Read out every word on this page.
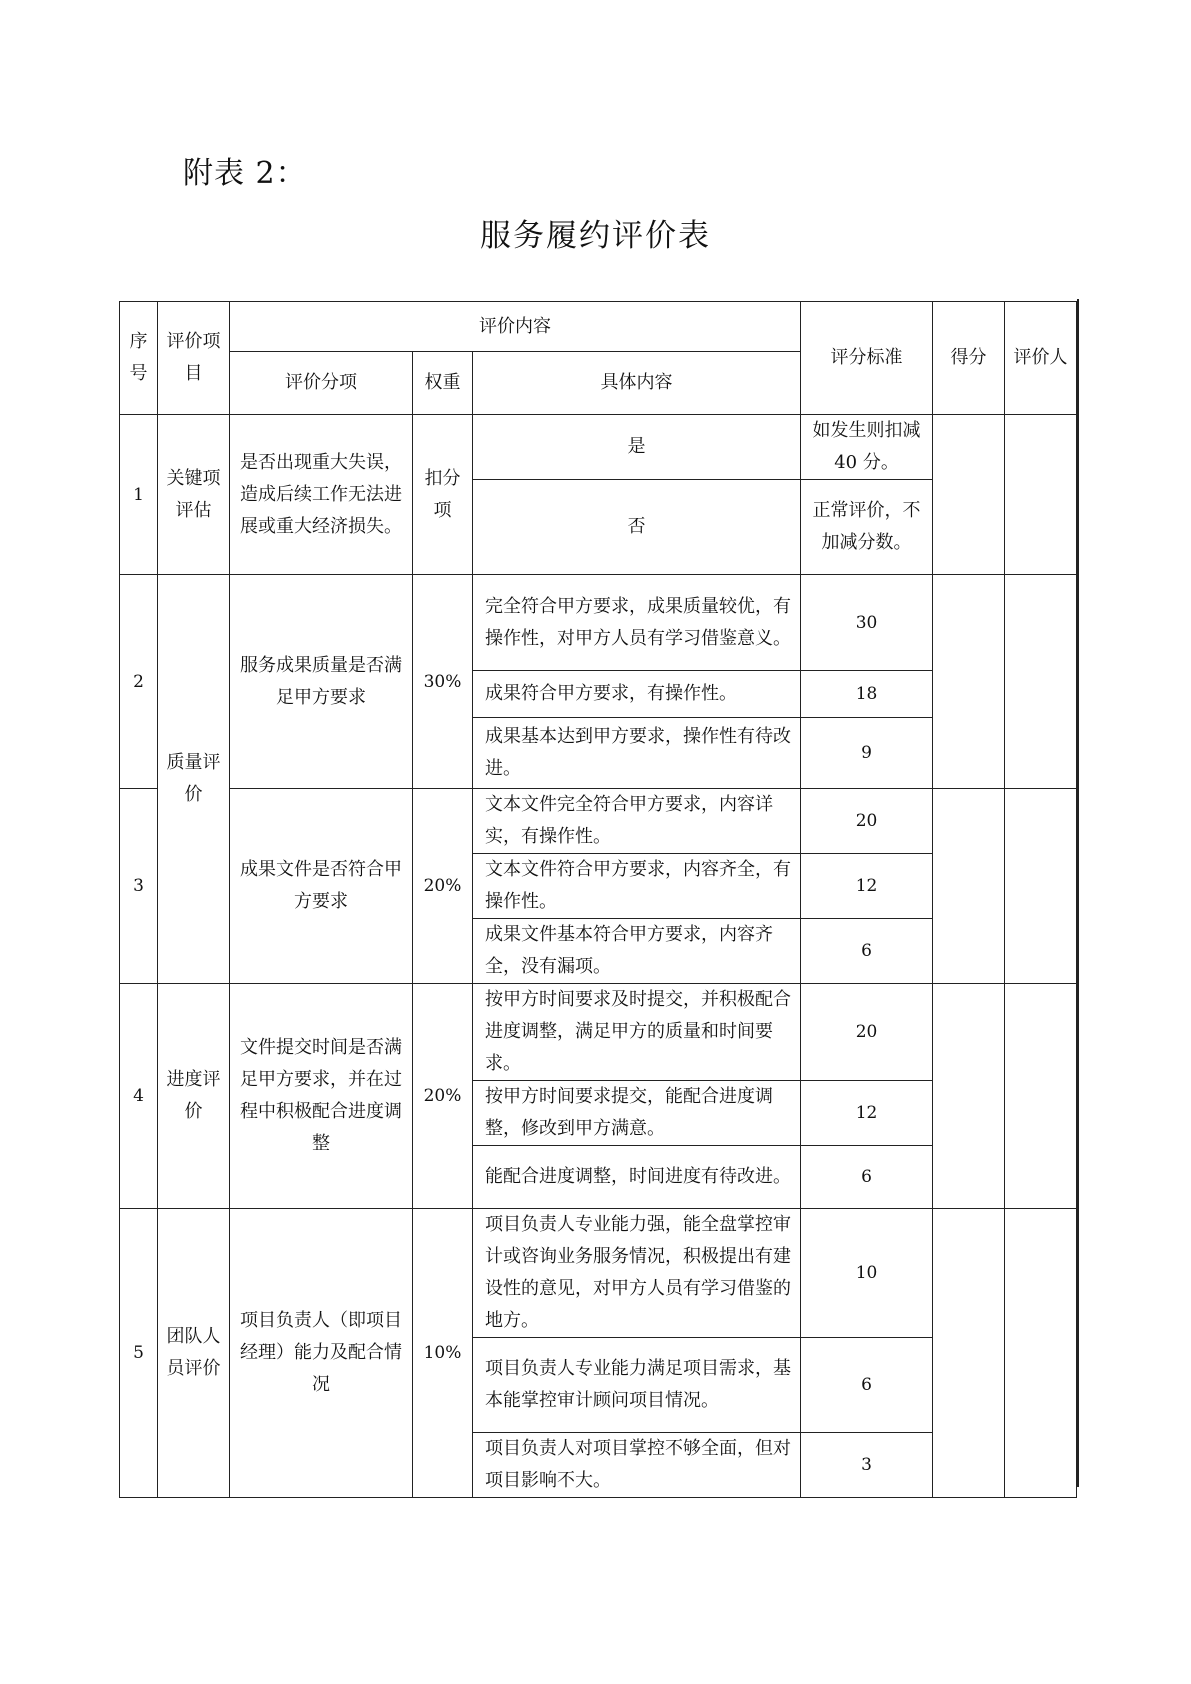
附表 2：
服务履约评价表
序号	评价项目	评价内容			评分标准	得分	评价人
		评价分项	权重	具体内容			
1	关键项评估	是否出现重大失误，造成后续工作无法进展或重大经济损失。	扣分项	是	如发生则扣减 40 分。		
				否	正常评价，不加减分数。		
2	质量评价	服务成果质量是否满足甲方要求	30%	完全符合甲方要求，成果质量较优，有操作性，对甲方人员有学习借鉴意义。	30		
				成果符合甲方要求，有操作性。	18		
				成果基本达到甲方要求，操作性有待改进。	9		
3		成果文件是否符合甲方要求	20%	文本文件完全符合甲方要求，内容详实，有操作性。	20		
				文本文件符合甲方要求，内容齐全，有操作性。	12		
				成果文件基本符合甲方要求，内容齐全，没有漏项。	6		
4	进度评价	文件提交时间是否满足甲方要求，并在过程中积极配合进度调整	20%	按甲方时间要求及时提交，并积极配合进度调整，满足甲方的质量和时间要求。	20		
				按甲方时间要求提交，能配合进度调整，修改到甲方满意。	12		
				能配合进度调整，时间进度有待改进。	6		
5	团队人员评价	项目负责人（即项目经理）能力及配合情况	10%	项目负责人专业能力强，能全盘掌控审计或咨询业务服务情况，积极提出有建设性的意见，对甲方人员有学习借鉴的地方。	10		
				项目负责人专业能力满足项目需求，基本能掌控审计顾问项目情况。	6		
				项目负责人对项目掌控不够全面，但对项目影响不大。	3		
